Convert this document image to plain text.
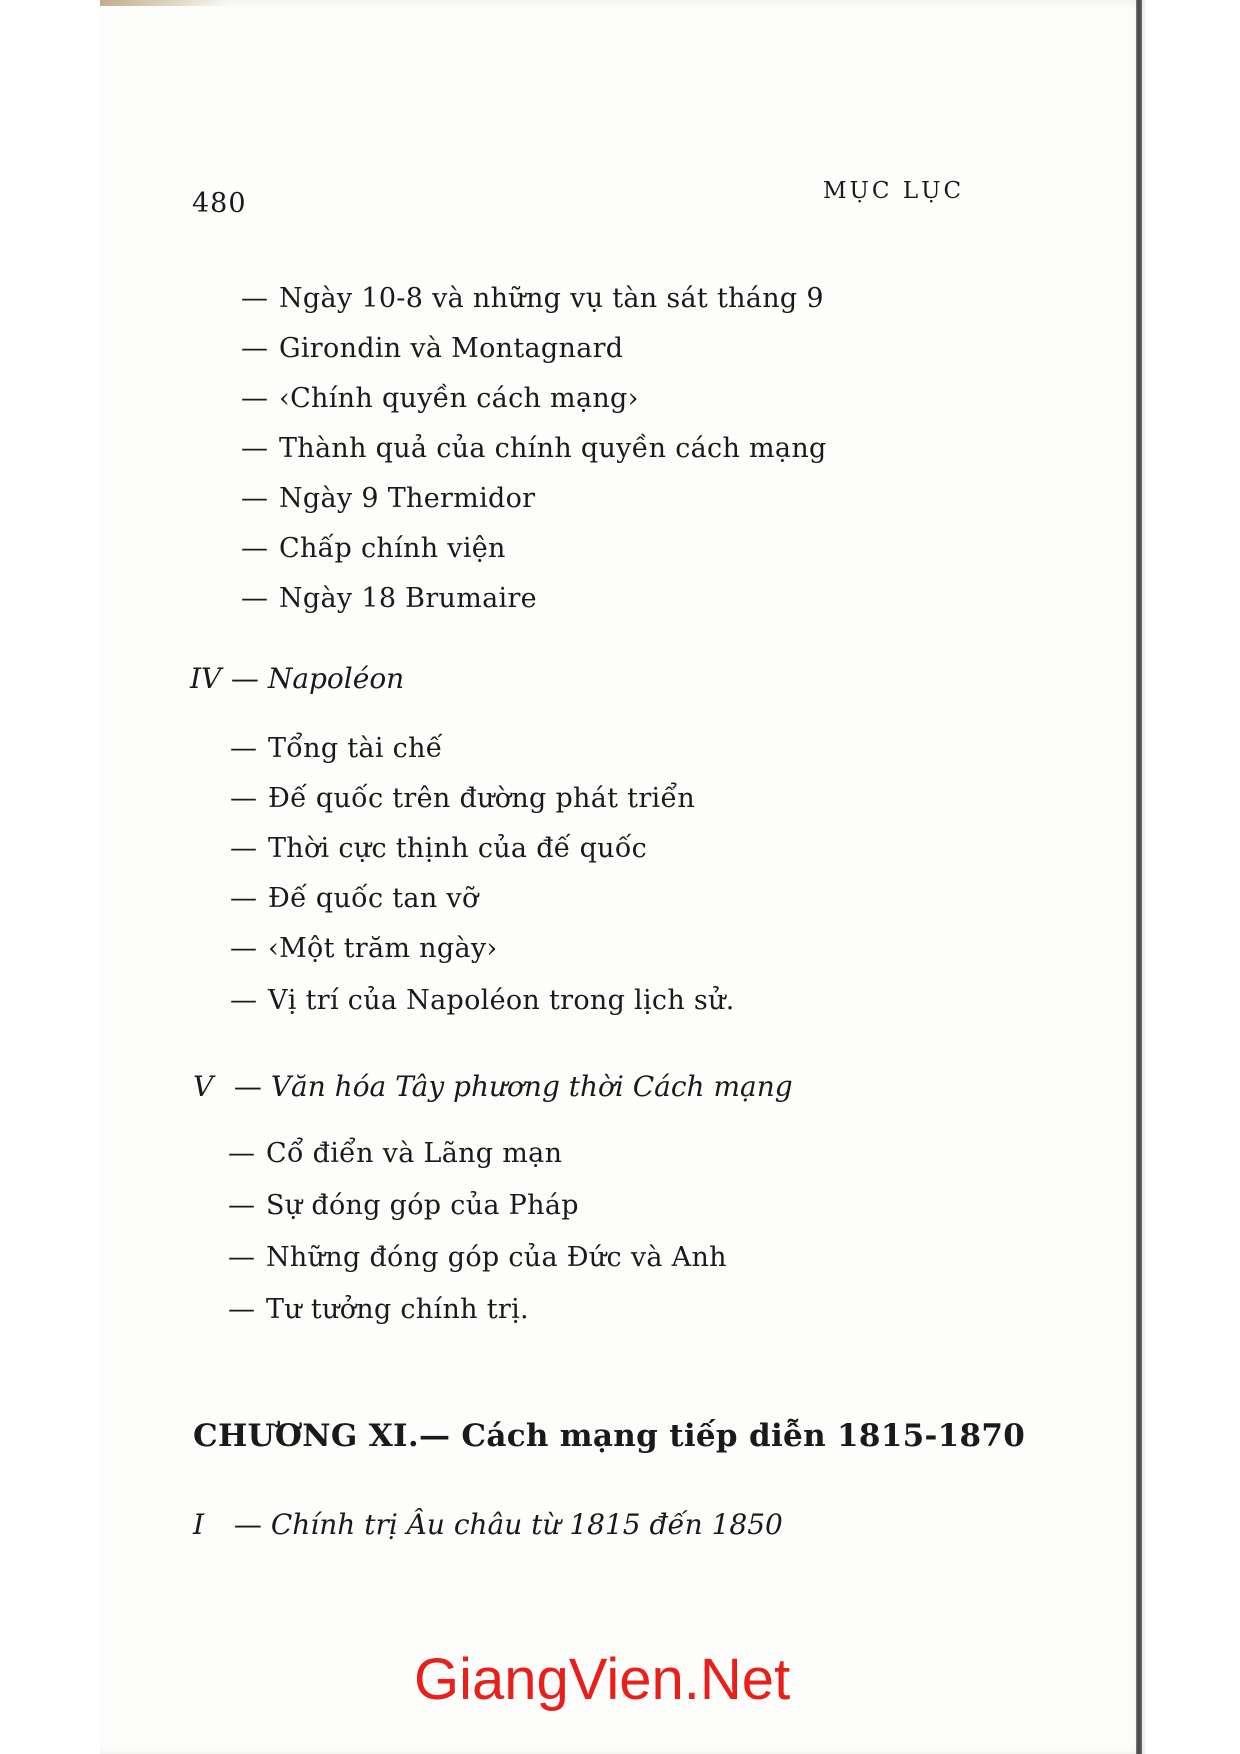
480	MỤC LỤC
— Ngày 10-8 và những vụ tàn sát tháng 9
— Girondin và Montagnard
— ‹Chính quyền cách mạng›
— Thành quả của chính quyền cách mạng
— Ngày 9 Thermidor
— Chấp chính viện
— Ngày 18 Brumaire
IV — Napoléon
— Tổng tài chế
— Đế quốc trên đường phát triển
— Thời cực thịnh của đế quốc
— Đế quốc tan vỡ
— ‹Một trăm ngày›
— Vị trí của Napoléon trong lịch sử.
V — Văn hóa Tây phương thời Cách mạng
— Cổ điển và Lãng mạn
— Sự đóng góp của Pháp
— Những đóng góp của Đức và Anh
— Tư tưởng chính trị.
CHƯƠNG XI.— Cách mạng tiếp diễn 1815-1870
I — Chính trị Âu châu từ 1815 đến 1850
GiangVien.Net
